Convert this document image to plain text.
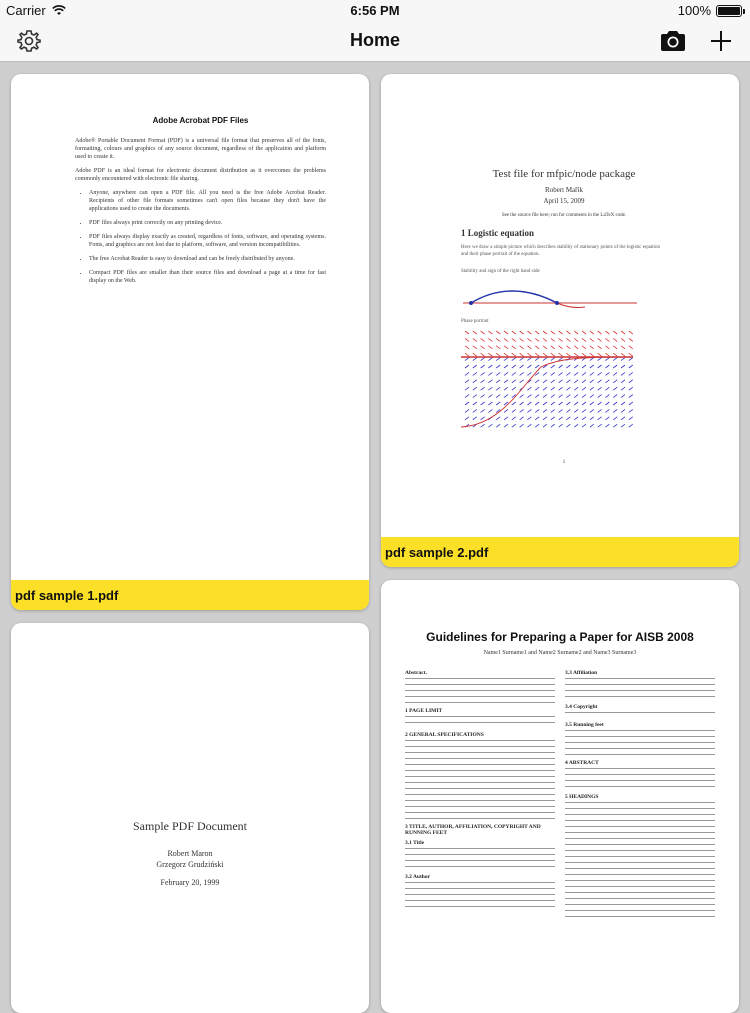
Carrier	6:56 PM	100%
Home
Adobe Acrobat PDF Files

Adobe® Portable Document Format (PDF) is a universal file format that preserves all of the fonts, formatting, colours and graphics of any source document, regardless of the application and platform used to create it.

Adobe PDF is an ideal format for electronic document distribution as it overcomes the problems commonly encountered with electronic file sharing.

• Anyone, anywhere can open a PDF file. All you need is the free Adobe Acrobat Reader. Recipients of other file formats sometimes can't open files because they don't have the applications used to create the documents.
• PDF files always print correctly on any printing device.
• PDF files always display exactly as created, regardless of fonts, software, and operating systems. Fonts, and graphics are not lost due to platform, software, and version incompatibilities.
• The free Acrobat Reader is easy to download and can be freely distributed by anyone.
• Compact PDF files are smaller than their source files and download a page at a time for fast display on the Web.
pdf sample 1.pdf
Test file for mfpic/node package
Robert Mařík
April 15, 2009
See the source file here; run for comments in the LaTeX code.
1 Logistic equation
Here we draw a simple picture which describes stability of stationary points of the logistic equation and their phase portrait of the equation.
Stability and sign of the right hand side
Phase portrait
1
pdf sample 2.pdf
Sample PDF Document
Robert Maron
Grzegorz Grudziński
February 20, 1999
Guidelines for Preparing a Paper for AISB 2008
Name1 Surname1 and Name2 Surname2 and Name3 Surname3
Abstract.
1 PAGE LIMIT
2 GENERAL SPECIFICATIONS
3 TITLE, AUTHOR, AFFILIATION, COPYRIGHT AND RUNNING FEET
3.1 Title
3.2 Author
3.3 Affiliation
3.4 Copyright
3.5 Running feet
4 ABSTRACT
5 HEADINGS
